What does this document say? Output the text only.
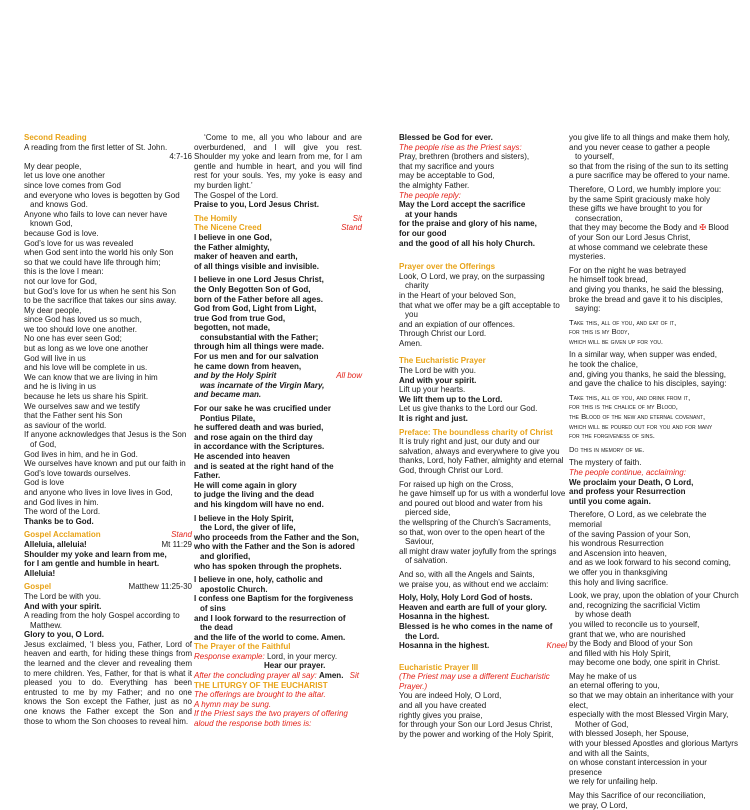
Second Reading
A reading from the first letter of St. John.
4:7-16
My dear people,
let us love one another
since love comes from God
and everyone who loves is begotten by God
and knows God.
Anyone who fails to love can never have
known God,
because God is love.
God’s love for us was revealed
when God sent into the world his only Son
so that we could have life through him;
this is the love I mean:
not our love for God,
but God’s love for us when he sent his Son
to be the sacrifice that takes our sins away.
My dear people,
since God has loved us so much,
we too should love one another.
No one has ever seen God;
but as long as we love one another
God will live in us
and his love will be complete in us.
We can know that we are living in him
and he is living in us
because he lets us share his Spirit.
We ourselves saw and we testify
that the Father sent his Son
as saviour of the world.
If anyone acknowledges that Jesus is the Son
of God,
God lives in him, and he in God.
We ourselves have known and put our faith in
God’s love towards ourselves.
God is love
and anyone who lives in love lives in God,
and God lives in him.
The word of the Lord.
Thanks be to God.
Gospel Acclamation	Stand
Alleluia, alleluia!	Mt 11:29
Shoulder my yoke and learn from me,
for I am gentle and humble in heart.
Alleluia!
Gospel	Matthew 11:25-30
The Lord be with you.
And with your spirit.
A reading from the holy Gospel according to
Matthew.
Glory to you, O Lord.
Jesus exclaimed, ‘I bless you, Father, Lord of heaven and earth, for hiding these things from the learned and the clever and revealing them to mere children. Yes, Father, for that is what it pleased you to do. Everything has been entrusted to me by my Father; and no one knows the Son except the Father, just as no one knows the Father except the Son and those to whom the Son chooses to reveal him.
‘Come to me, all you who labour and are overburdened, and I will give you rest. Shoulder my yoke and learn from me, for I am gentle and humble in heart, and you will find rest for your souls. Yes, my yoke is easy and my burden light.’
The Gospel of the Lord.
Praise to you, Lord Jesus Christ.
The Homily	Sit
The Nicene Creed	Stand
I believe in one God,
the Father almighty,
maker of heaven and earth,
of all things visible and invisible.
I believe in one Lord Jesus Christ,
the Only Begotten Son of God,
born of the Father before all ages.
God from God, Light from Light,
true God from true God,
begotten, not made,
consubstantial with the Father;
through him all things were made.
For us men and for our salvation
he came down from heaven,
and by the Holy Spirit	All bow
was incarnate of the Virgin Mary,
and became man.
For our sake he was crucified under
Pontius Pilate,
he suffered death and was buried,
and rose again on the third day
in accordance with the Scriptures.
He ascended into heaven
and is seated at the right hand of the Father.
He will come again in glory
to judge the living and the dead
and his kingdom will have no end.
I believe in the Holy Spirit,
the Lord, the giver of life,
who proceeds from the Father and the Son,
who with the Father and the Son is adored
and glorified,
who has spoken through the prophets.
I believe in one, holy, catholic and
apostolic Church.
I confess one Baptism for the forgiveness
of sins
and I look forward to the resurrection of
the dead
and the life of the world to come. Amen.
The Prayer of the Faithful
Response example: Lord, in your mercy.
Hear our prayer.
After the concluding prayer all say: Amen. Sit
THE LITURGY OF THE EUCHARIST
The offerings are brought to the altar.
A hymn may be sung.
If the Priest says the two prayers of offering
aloud the response both times is:
Blessed be God for ever.
The people rise as the Priest says:
Pray, brethren (brothers and sisters),
that my sacrifice and yours
may be acceptable to God,
the almighty Father.
The people reply:
May the Lord accept the sacrifice
at your hands
for the praise and glory of his name,
for our good
and the good of all his holy Church.
Prayer over the Offerings
Look, O Lord, we pray, on the surpassing
charity
in the Heart of your beloved Son,
that what we offer may be a gift acceptable to
you
and an expiation of our offences.
Through Christ our Lord.
Amen.
The Eucharistic Prayer
The Lord be with you.
And with your spirit.
Lift up your hearts.
We lift them up to the Lord.
Let us give thanks to the Lord our God.
It is right and just.
Preface: The boundless charity of Christ
It is truly right and just, our duty and our salvation, always and everywhere to give you thanks, Lord, holy Father, almighty and eternal God, through Christ our Lord.
For raised up high on the Cross,
he gave himself up for us with a wonderful love
and poured out blood and water from his
pierced side,
the wellspring of the Church’s Sacraments,
so that, won over to the open heart of the
Saviour,
all might draw water joyfully from the springs
of salvation.
And so, with all the Angels and Saints,
we praise you, as without end we acclaim:
Holy, Holy, Holy Lord God of hosts.
Heaven and earth are full of your glory.
Hosanna in the highest.
Blessed is he who comes in the name of
the Lord.
Hosanna in the highest.	Kneel
Eucharistic Prayer III
(The Priest may use a different Eucharistic Prayer.)
You are indeed Holy, O Lord,
and all you have created
rightly gives you praise,
for through your Son our Lord Jesus Christ,
by the power and working of the Holy Spirit,
you give life to all things and make them holy,
and you never cease to gather a people
to yourself,
so that from the rising of the sun to its setting
a pure sacrifice may be offered to your name.
Therefore, O Lord, we humbly implore you:
by the same Spirit graciously make holy
these gifts we have brought to you for
consecration,
that they may become the Body and ✠ Blood
of your Son our Lord Jesus Christ,
at whose command we celebrate these mysteries.
For on the night he was betrayed
he himself took bread,
and giving you thanks, he said the blessing,
broke the bread and gave it to his disciples,
saying:
Take this, all of you, and eat of it,
for this is my Body,
which will be given up for you.
In a similar way, when supper was ended,
he took the chalice,
and, giving you thanks, he said the blessing,
and gave the chalice to his disciples, saying:
Take this, all of you, and drink from it,
for this is the chalice of my Blood,
the Blood of the new and eternal covenant,
which will be poured out for you and for many
for the forgiveness of sins.
Do this in memory of me.
The mystery of faith.
The people continue, acclaiming:
We proclaim your Death, O Lord,
and profess your Resurrection
until you come again.
Therefore, O Lord, as we celebrate the memorial
of the saving Passion of your Son,
his wondrous Resurrection
and Ascension into heaven,
and as we look forward to his second coming,
we offer you in thanksgiving
this holy and living sacrifice.
Look, we pray, upon the oblation of your Church
and, recognizing the sacrificial Victim
by whose death
you willed to reconcile us to yourself,
grant that we, who are nourished
by the Body and Blood of your Son
and filled with his Holy Spirit,
may become one body, one spirit in Christ.
May he make of us
an eternal offering to you,
so that we may obtain an inheritance with your elect,
especially with the most Blessed Virgin Mary,
Mother of God,
with blessed Joseph, her Spouse,
with your blessed Apostles and glorious Martyrs
and with all the Saints,
on whose constant intercession in your presence
we rely for unfailing help.
May this Sacrifice of our reconciliation,
we pray, O Lord,
